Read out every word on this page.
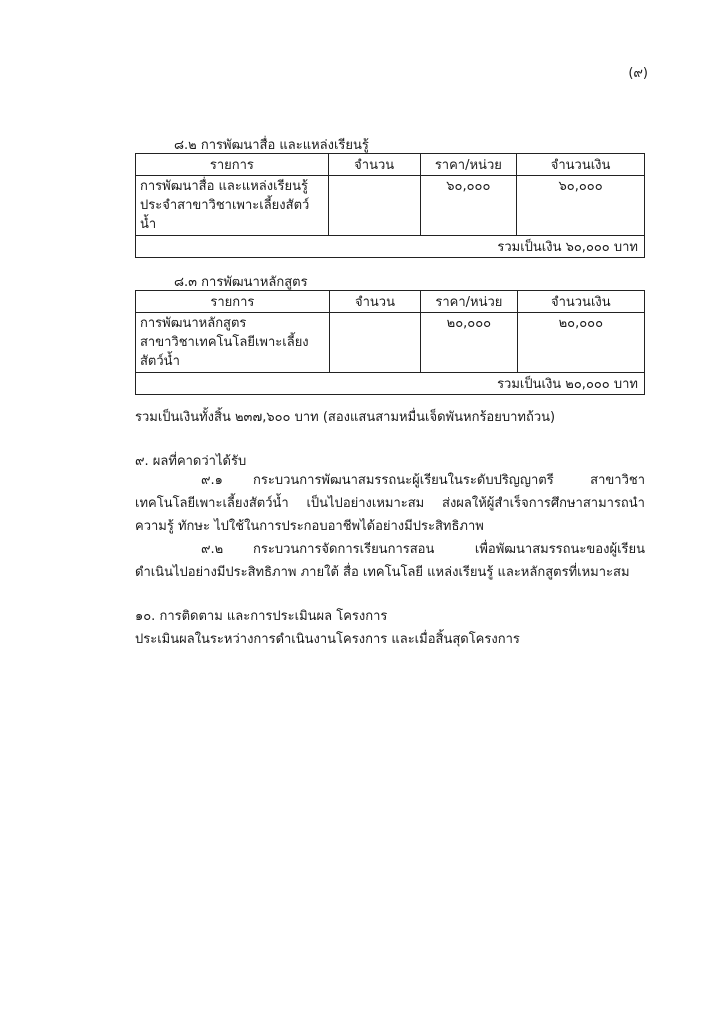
(๙)
๘.๒ การพัฒนาสื่อ และแหล่งเรียนรู้
รายการ	จำนวน	ราคา/หน่วย	จำนวนเงิน

การพัฒนาสื่อ และแหล่งเรียนรู้
ประจำสาขาวิชาเพาะเลี้ยงสัตว์น้ำ		๖๐,๐๐๐	๖๐,๐๐๐
รวมเป็นเงิน ๖๐,๐๐๐ บาท			
๘.๓ การพัฒนาหลักสูตร
รายการ	จำนวน	ราคา/หน่วย	จำนวนเงิน

การพัฒนาหลักสูตร
สาขาวิชาเทคโนโลยีเพาะเลี้ยงสัตว์น้ำ		๒๐,๐๐๐	๒๐,๐๐๐
รวมเป็นเงิน ๒๐,๐๐๐ บาท			
รวมเป็นเงินทั้งสิ้น ๒๓๗,๖๐๐ บาท (สองแสนสามหมื่นเจ็ดพันหกร้อยบาทถ้วน)
๙. ผลที่คาดว่าได้รับ
๙.๑ กระบวนการพัฒนาสมรรถนะผู้เรียนในระดับปริญญาตรี สาขาวิชาเทคโนโลยีเพาะเลี้ยงสัตว์น้ำ เป็นไปอย่างเหมาะสม ส่งผลให้ผู้สำเร็จการศึกษาสามารถนำความรู้ ทักษะ ไปใช้ในการประกอบอาชีพได้อย่างมีประสิทธิภาพ
๙.๒ กระบวนการจัดการเรียนการสอน เพื่อพัฒนาสมรรถนะของผู้เรียน ดำเนินไปอย่างมีประสิทธิภาพ ภายใต้ สื่อ เทคโนโลยี แหล่งเรียนรู้ และหลักสูตรที่เหมาะสม
๑๐. การติดตาม และการประเมินผล โครงการ
ประเมินผลในระหว่างการดำเนินงานโครงการ และเมื่อสิ้นสุดโครงการ
